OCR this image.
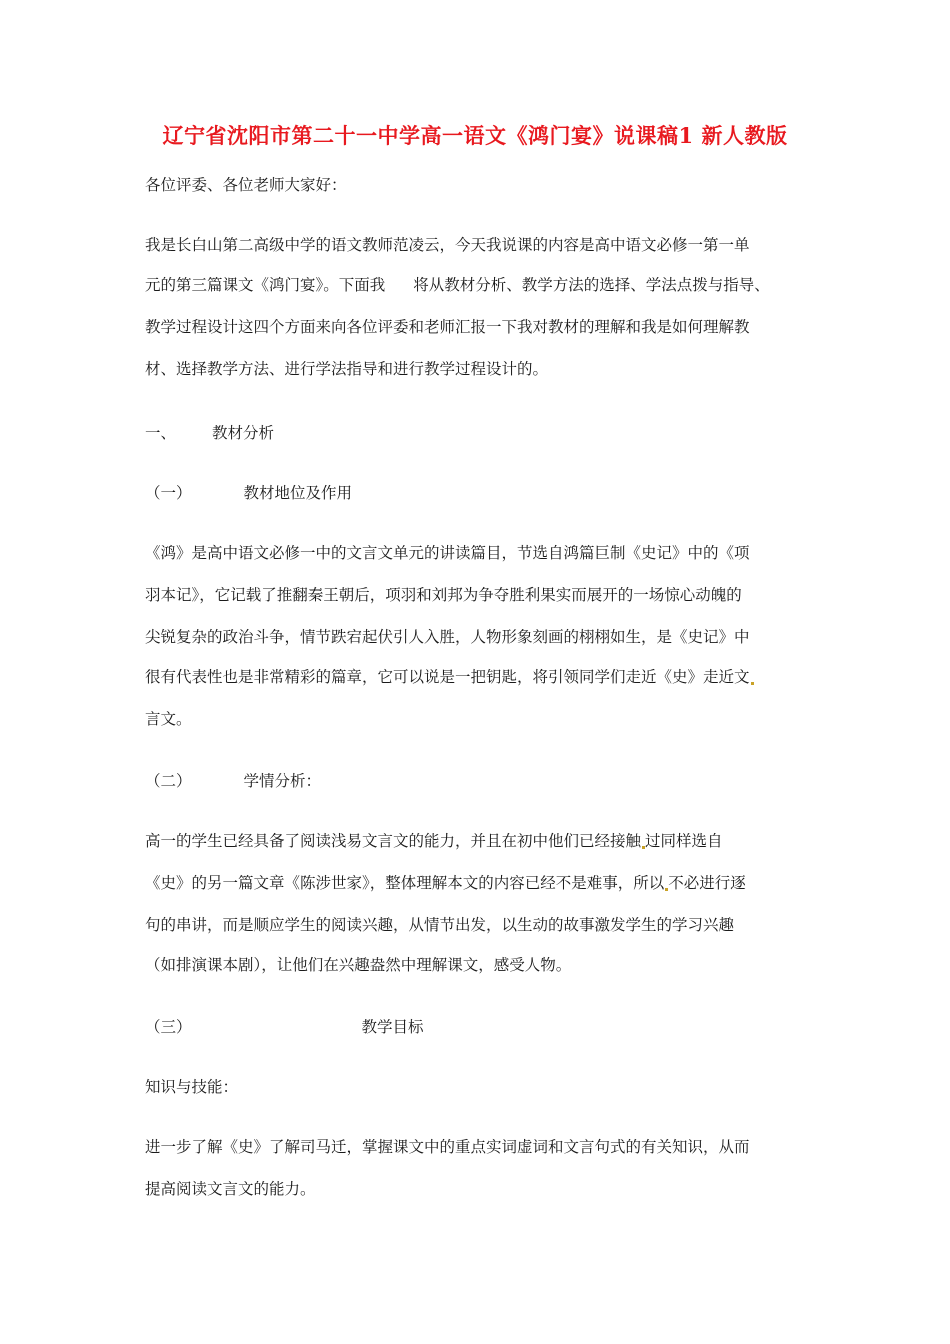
辽宁省沈阳市第二十一中学高一语文《鸿门宴》说课稿1 新人教版
各位评委、各位老师大家好：
我是长白山第二高级中学的语文教师范凌云，今天我说课的内容是高中语文必修一第一单
元的第三篇课文《鸿门宴》。下面我 将从教材分析、教学方法的选择、学法点拨与指导、
教学过程设计这四个方面来向各位评委和老师汇报一下我对教材的理解和我是如何理解教
材、选择教学方法、进行学法指导和进行教学过程设计的。
一、 教材分析
（一）	教材地位及作用
《鸿》是高中语文必修一中的文言文单元的讲读篇目，节选自鸿篇巨制《史记》中的《项
羽本记》，它记载了推翻秦王朝后，项羽和刘邦为争夺胜利果实而展开的一场惊心动魄的
尖锐复杂的政治斗争，情节跌宕起伏引人入胜，人物形象刻画的栩栩如生，是《史记》中
很有代表性也是非常精彩的篇章，它可以说是一把钥匙，将引领同学们走近《史》走近文
言文。
（二）	学情分析：
高一的学生已经具备了阅读浅易文言文的能力，并且在初中他们已经接触 过同样选自
《史》的另一篇文章《陈涉世家》，整体理解本文的内容已经不是难事，所以 不必进行逐
句的串讲，而是顺应学生的阅读兴趣，从情节出发，以生动的故事激发学生的学习兴趣
（如排演课本剧），让他们在兴趣盎然中理解课文，感受人物。
（三）	教学目标
知识与技能：
进一步了解《史》了解司马迁，掌握课文中的重点实词虚词和文言句式的有关知识，从而
提高阅读文言文的能力。
